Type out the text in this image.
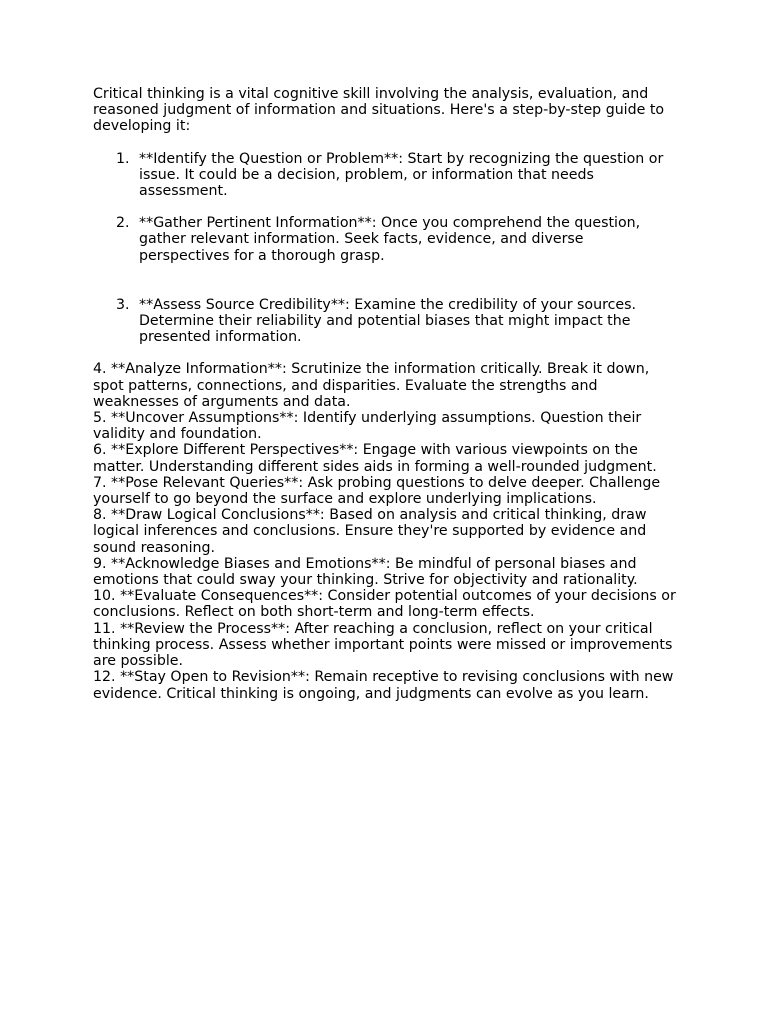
Critical thinking is a vital cognitive skill involving the analysis, evaluation, and reasoned judgment of information and situations. Here's a step-by-step guide to developing it:

1. **Identify the Question or Problem**: Start by recognizing the question or issue. It could be a decision, problem, or information that needs assessment.
2. **Gather Pertinent Information**: Once you comprehend the question, gather relevant information. Seek facts, evidence, and diverse perspectives for a thorough grasp.
3. **Assess Source Credibility**: Examine the credibility of your sources. Determine their reliability and potential biases that might impact the presented information.

4. **Analyze Information**: Scrutinize the information critically. Break it down, spot patterns, connections, and disparities. Evaluate the strengths and weaknesses of arguments and data.

5. **Uncover Assumptions**: Identify underlying assumptions. Question their validity and foundation.

6. **Explore Different Perspectives**: Engage with various viewpoints on the matter. Understanding different sides aids in forming a well-rounded judgment.

7. **Pose Relevant Queries**: Ask probing questions to delve deeper. Challenge yourself to go beyond the surface and explore underlying implications.

8. **Draw Logical Conclusions**: Based on analysis and critical thinking, draw logical inferences and conclusions. Ensure they're supported by evidence and sound reasoning.

9. **Acknowledge Biases and Emotions**: Be mindful of personal biases and emotions that could sway your thinking. Strive for objectivity and rationality.

10. **Evaluate Consequences**: Consider potential outcomes of your decisions or conclusions. Reflect on both short-term and long-term effects.

11. **Review the Process**: After reaching a conclusion, reflect on your critical thinking process. Assess whether important points were missed or improvements are possible.

12. **Stay Open to Revision**: Remain receptive to revising conclusions with new evidence. Critical thinking is ongoing, and judgments can evolve as you learn.
